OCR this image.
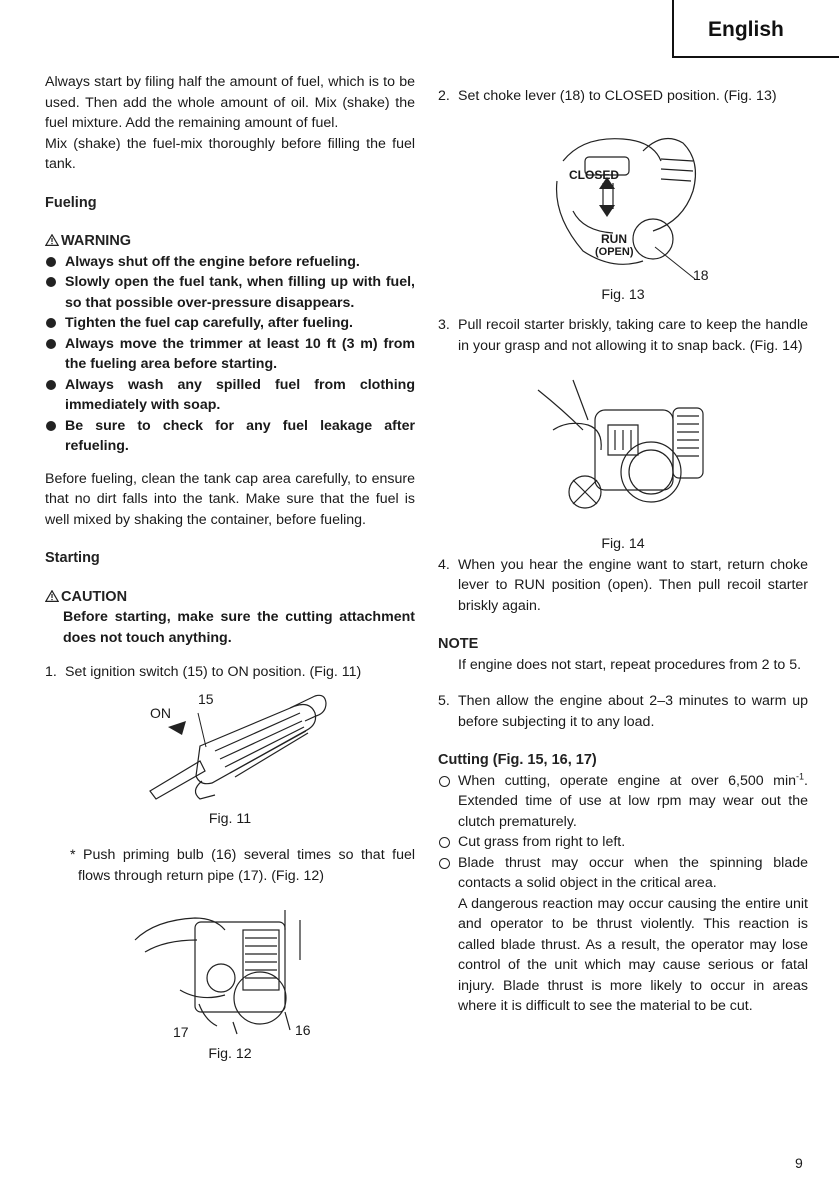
English

Always start by filing half the amount of fuel, which is to be used. Then add the whole amount of oil. Mix (shake) the fuel mixture. Add the remaining amount of fuel.

Mix (shake) the fuel-mix thoroughly before filling the fuel tank.

Fueling

WARNING

Always shut off the engine before refueling.
Slowly open the fuel tank, when filling up with fuel, so that possible over-pressure disappears.
Tighten the fuel cap carefully, after fueling.
Always move the trimmer at least 10 ft (3 m) from the fueling area before starting.
Always wash any spilled fuel from clothing immediately with soap.
Be sure to check for any fuel leakage after refueling.

Before fueling, clean the tank cap area carefully, to ensure that no dirt falls into the tank. Make sure that the fuel is well mixed by shaking the container, before fueling.

Starting

CAUTION

Before starting, make sure the cutting attachment does not touch anything.

1. Set ignition switch (15) to ON position. (Fig. 11)
15
ON

Fig. 11

* Push priming bulb (16) several times so that fuel flows through return pipe (17). (Fig. 12)

17	16

Fig. 12

2. Set choke lever (18) to CLOSED position. (Fig. 13)
CLOSED
RUN
(OPEN)
18

Fig. 13

3. Pull recoil starter briskly, taking care to keep the handle in your grasp and not allowing it to snap back. (Fig. 14)

Fig. 14

4. When you hear the engine want to start, return choke lever to RUN position (open). Then pull recoil starter briskly again.

NOTE

If engine does not start, repeat procedures from 2 to 5.

5. Then allow the engine about 2–3 minutes to warm up before subjecting it to any load.

Cutting (Fig. 15, 16, 17)

When cutting, operate engine at over 6,500 $\min^{-1}$. Extended time of use at low rpm may wear out the clutch prematurely.
Cut grass from right to left.
Blade thrust may occur when the spinning blade contacts a solid object in the critical area.

A dangerous reaction may occur causing the entire unit and operator to be thrust violently. This reaction is called blade thrust. As a result, the operator may lose control of the unit which may cause serious or fatal injury. Blade thrust is more likely to occur in areas where it is difficult to see the material to be cut.

9
